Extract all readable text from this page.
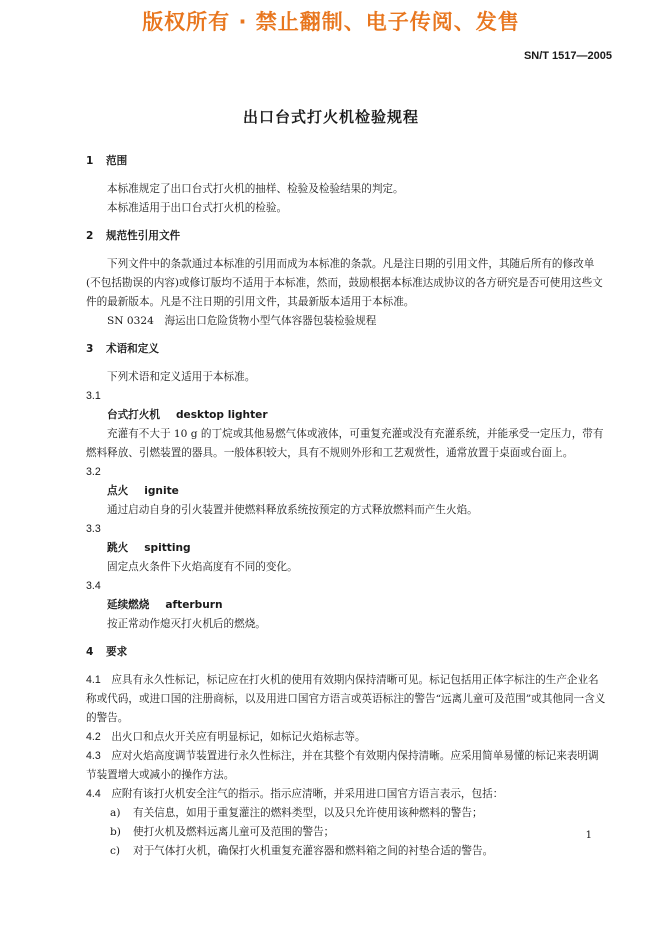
版权所有 · 禁止翻制、电子传阅、发售
SN/T 1517—2005
出口台式打火机检验规程

1 范围

本标准规定了出口台式打火机的抽样、检验及检验结果的判定。

本标准适用于出口台式打火机的检验。

2 规范性引用文件

下列文件中的条款通过本标准的引用而成为本标准的条款。凡是注日期的引用文件，其随后所有的修改单(不包括勘误的内容)或修订版均不适用于本标准，然而，鼓励根据本标准达成协议的各方研究是否可使用这些文件的最新版本。凡是不注日期的引用文件，其最新版本适用于本标准。

SN 0324　海运出口危险货物小型气体容器包装检验规程

3 术语和定义

下列术语和定义适用于本标准。

3.1

台式打火机 desktop lighter

充灌有不大于 10 g 的丁烷或其他易燃气体或液体，可重复充灌或没有充灌系统，并能承受一定压力，带有燃料释放、引燃装置的器具。一般体积较大，具有不规则外形和工艺观赏性，通常放置于桌面或台面上。

3.2

点火 ignite

通过启动自身的引火装置并使燃料释放系统按预定的方式释放燃料而产生火焰。

3.3

跳火 spitting

固定点火条件下火焰高度有不同的变化。

3.4

延续燃烧 afterburn

按正常动作熄灭打火机后的燃烧。

4 要求

4.1　 应具有永久性标记，标记应在打火机的使用有效期内保持清晰可见。标记包括用正体字标注的生产企业名称或代码，或进口国的注册商标，以及用进口国官方语言或英语标注的警告“远离儿童可及范围”或其他同一含义的警告。

4.2　 出火口和点火开关应有明显标记，如标记火焰标志等。

4.3　 应对火焰高度调节装置进行永久性标注，并在其整个有效期内保持清晰。应采用简单易懂的标记来表明调节装置增大或减小的操作方法。

4.4　 应附有该打火机安全注气的指示。指示应清晰，并采用进口国官方语言表示，包括：

a) 有关信息，如用于重复灌注的燃料类型，以及只允许使用该种燃料的警告；

b) 使打火机及燃料远离儿童可及范围的警告；

c) 对于气体打火机，确保打火机重复充灌容器和燃料箱之间的衬垫合适的警告。

1
